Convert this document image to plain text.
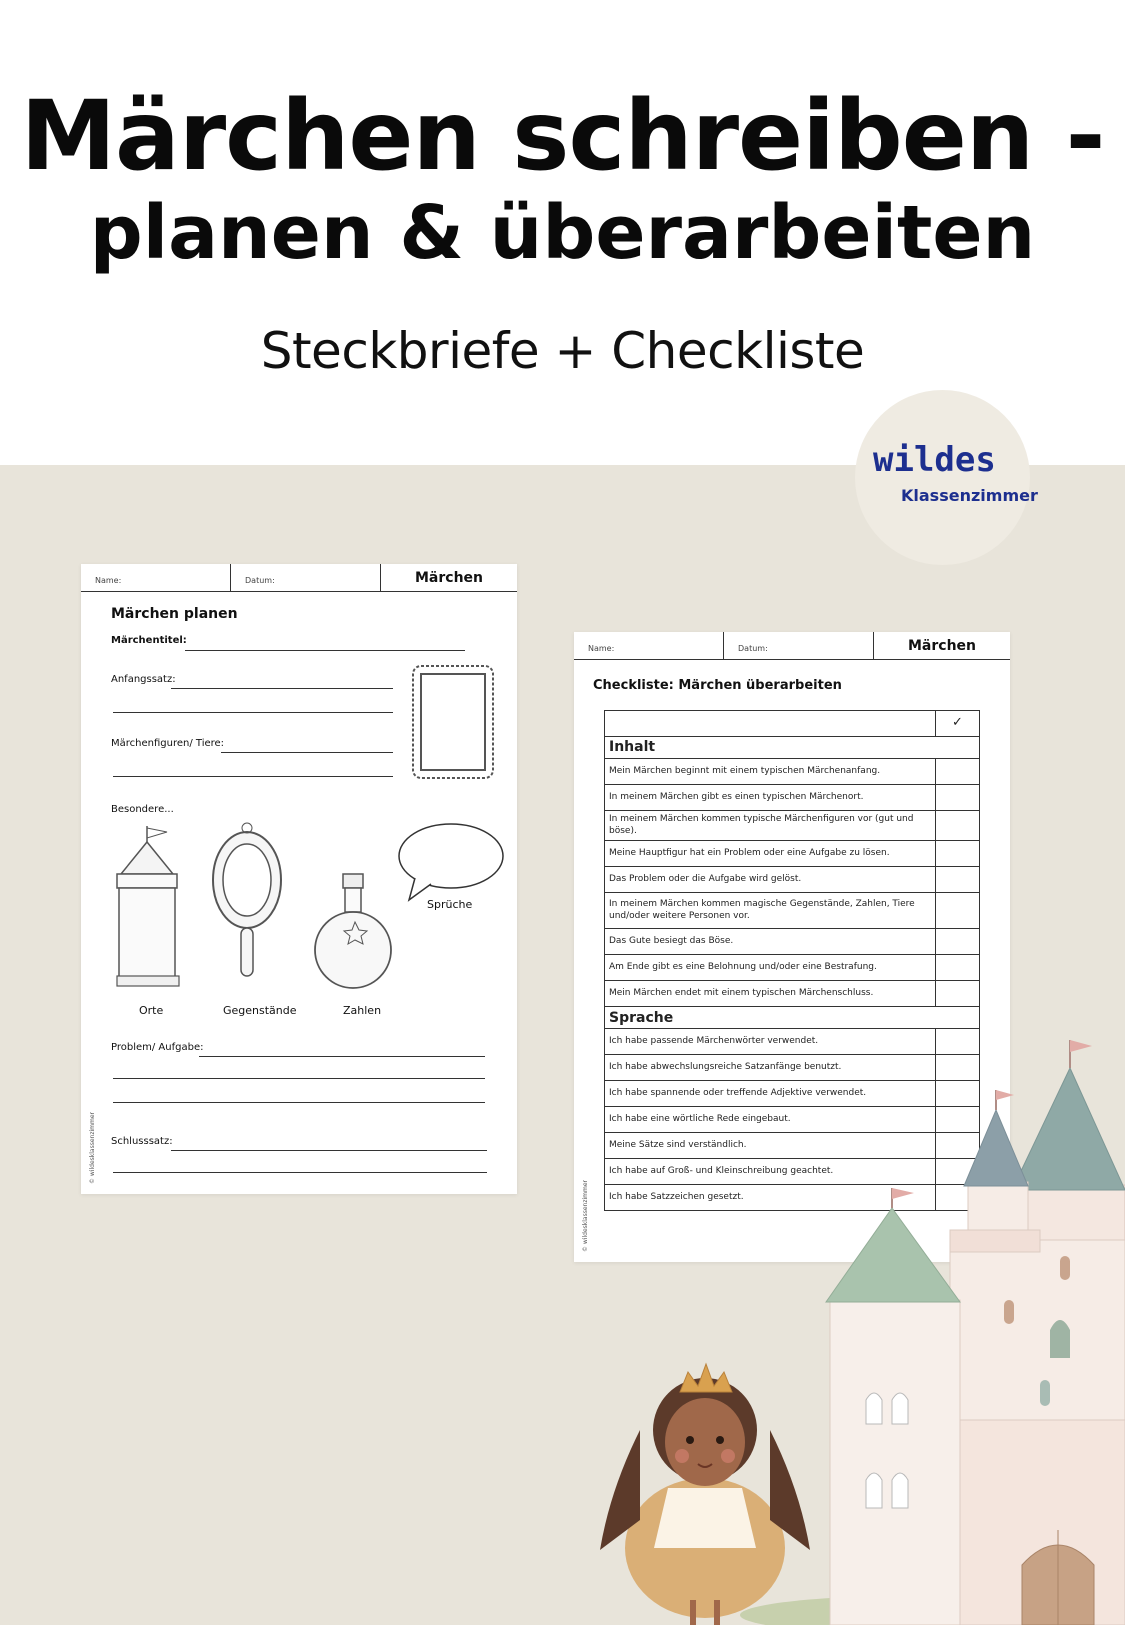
Märchen schreiben -
planen & überarbeiten
Steckbriefe + Checkliste
wildes
Klassenzimmer
Name:	Datum:	Märchen
Märchen planen
Märchentitel:
Anfangssatz:
Märchenfiguren/ Tiere:
Besondere...
Sprüche
Orte	Gegenstände	Zahlen
Problem/ Aufgabe:
Schlusssatz:
© wildesklassenzimmer
Name:	Datum:	Märchen
Checkliste: Märchen überarbeiten
	✓
Inhalt	
Mein Märchen beginnt mit einem typischen Märchenanfang.	
In meinem Märchen gibt es einen typischen Märchenort.	
In meinem Märchen kommen typische Märchenfiguren vor (gut und böse).	
Meine Hauptfigur hat ein Problem oder eine Aufgabe zu lösen.	
Das Problem oder die Aufgabe wird gelöst.	
In meinem Märchen kommen magische Gegenstände, Zahlen, Tiere und/oder weitere Personen vor.	
Das Gute besiegt das Böse.	
Am Ende gibt es eine Belohnung und/oder eine Bestrafung.	
Mein Märchen endet mit einem typischen Märchenschluss.	
Sprache	
Ich habe passende Märchenwörter verwendet.	
Ich habe abwechslungsreiche Satzanfänge benutzt.	
Ich habe spannende oder treffende Adjektive verwendet.	
Ich habe eine wörtliche Rede eingebaut.	
Meine Sätze sind verständlich.	
Ich habe auf Groß- und Kleinschreibung geachtet.	
Ich habe Satzzeichen gesetzt.	
© wildesklassenzimmer
